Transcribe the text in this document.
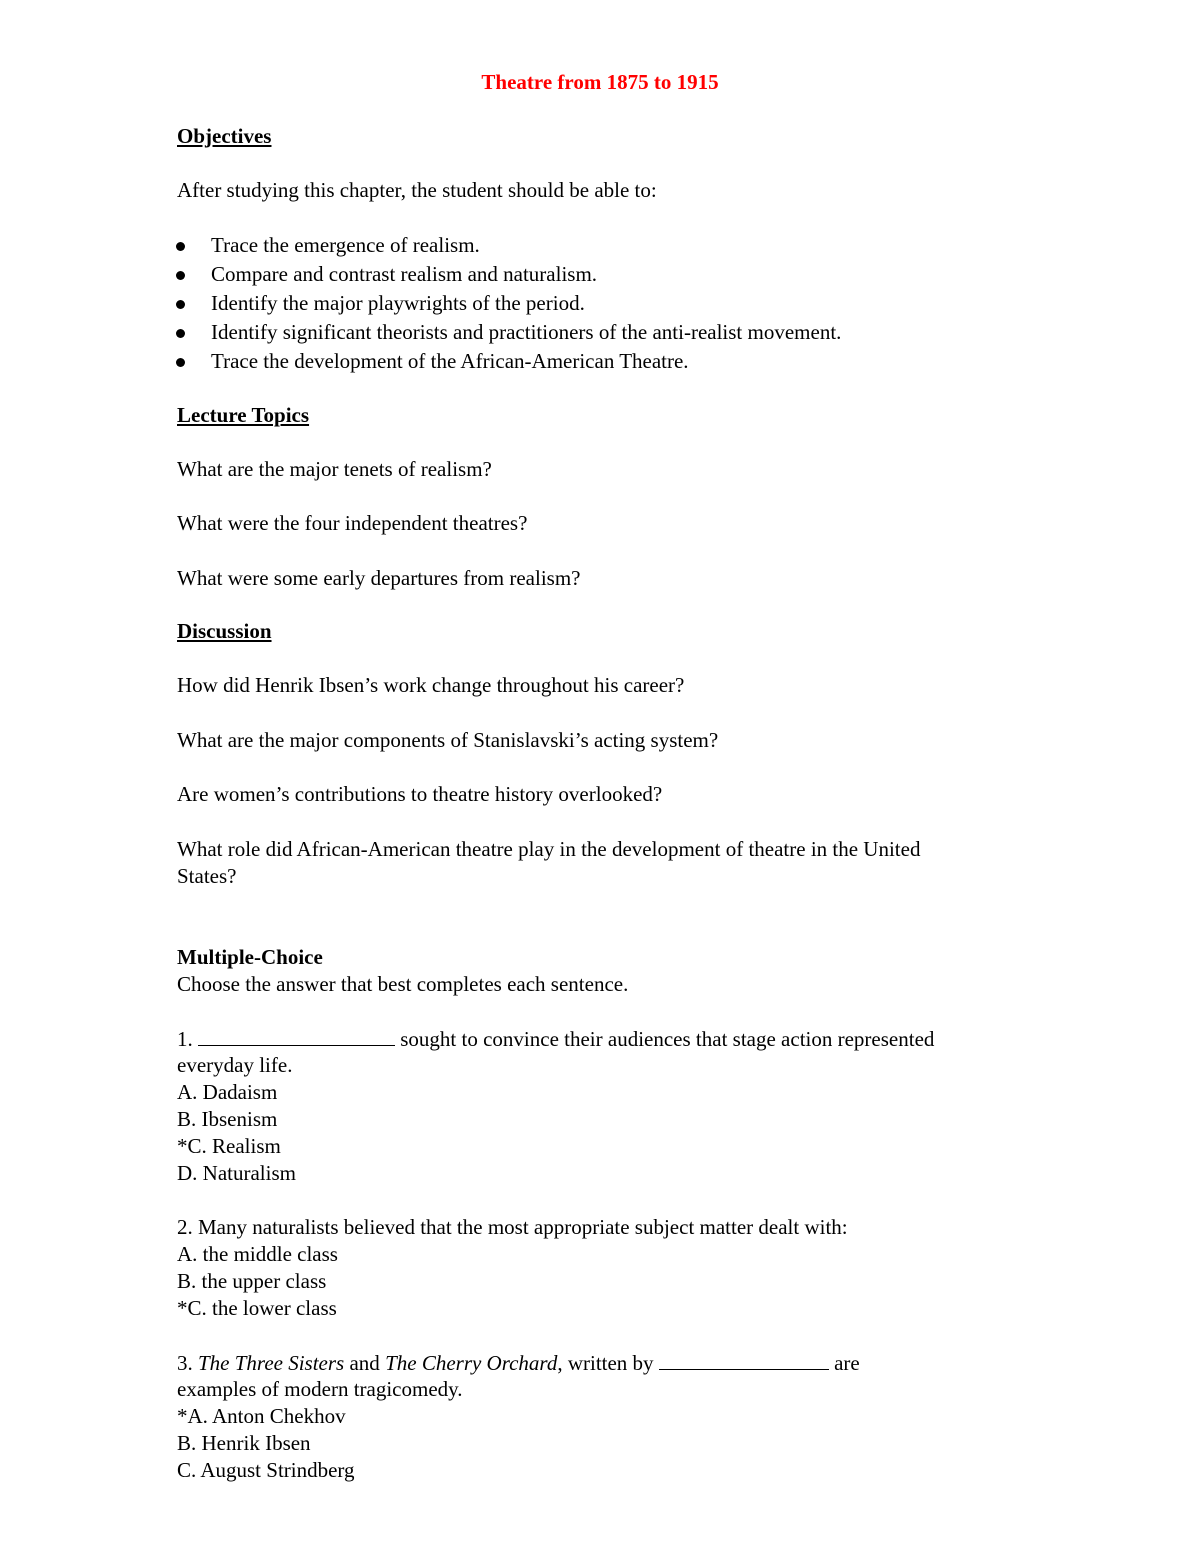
Theatre from 1875 to 1915
Objectives
After studying this chapter, the student should be able to:
Trace the emergence of realism.
Compare and contrast realism and naturalism.
Identify the major playwrights of the period.
Identify significant theorists and practitioners of the anti-realist movement.
Trace the development of the African-American Theatre.
Lecture Topics
What are the major tenets of realism?
What were the four independent theatres?
What were some early departures from realism?
Discussion
How did Henrik Ibsen’s work change throughout his career?
What are the major components of Stanislavski’s acting system?
Are women’s contributions to theatre history overlooked?
What role did African-American theatre play in the development of theatre in the United
States?
Multiple-Choice
Choose the answer that best completes each sentence.
1.	sought to convince their audiences that stage action represented
everyday life.
A. Dadaism
B. Ibsenism
*C. Realism
D. Naturalism
2. Many naturalists believed that the most appropriate subject matter dealt with:
A. the middle class
B. the upper class
*C. the lower class
3. The Three Sisters and The Cherry Orchard, written by	are
examples of modern tragicomedy.
*A. Anton Chekhov
B. Henrik Ibsen
C. August Strindberg
